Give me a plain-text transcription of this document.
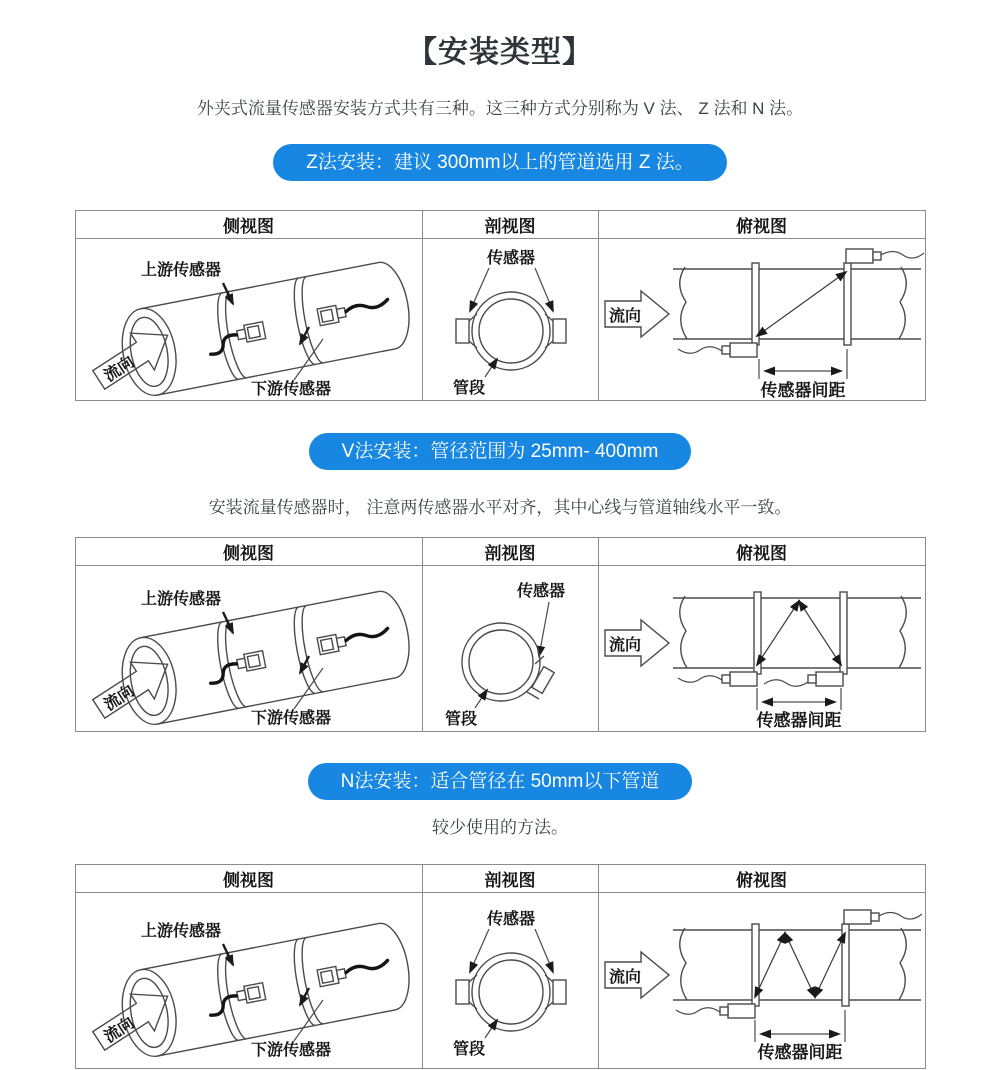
【安装类型】
外夹式流量传感器安装方式共有三种。这三种方式分别称为 V 法、 Z 法和 N 法。
Z法安装：建议 300mm以上的管道选用 Z 法。
侧视图	剖视图	俯视图

上游传感器
下游传感器
流向	传感器
管段	流向
传感器间距
V法安装：管径范围为 25mm- 400mm
安装流量传感器时， 注意两传感器水平对齐，其中心线与管道轴线水平一致。
侧视图	剖视图	俯视图

上游传感器
下游传感器
流向	传感器
管段	流向
传感器间距
N法安装：适合管径在 50mm以下管道
较少使用的方法。
侧视图	剖视图	俯视图

上游传感器
下游传感器
流向	传感器
管段	流向
传感器间距
